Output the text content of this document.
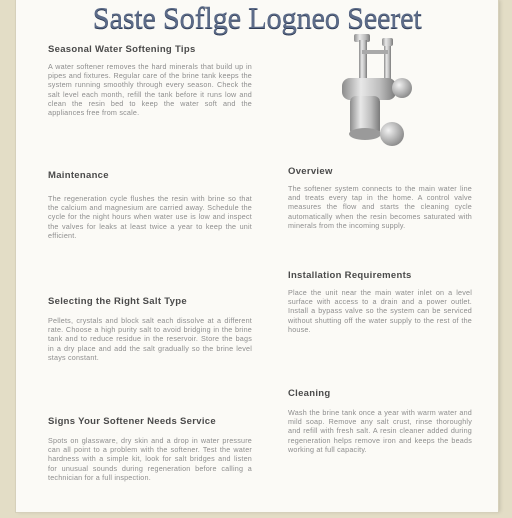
Saste Soflge Logneo Seeret
Seasonal Water Softening Tips
A water softener removes the hard minerals that build up in pipes and fixtures. Regular care of the brine tank keeps the system running smoothly through every season. Check the salt level each month, refill the tank before it runs low and clean the resin bed to keep the water soft and the appliances free from scale.
Maintenance
The regeneration cycle flushes the resin with brine so that the calcium and magnesium are carried away. Schedule the cycle for the night hours when water use is low and inspect the valves for leaks at least twice a year to keep the unit efficient.
Selecting the Right Salt Type
Pellets, crystals and block salt each dissolve at a different rate. Choose a high purity salt to avoid bridging in the brine tank and to reduce residue in the reservoir. Store the bags in a dry place and add the salt gradually so the brine level stays constant.
Signs Your Softener Needs Service
Spots on glassware, dry skin and a drop in water pressure can all point to a problem with the softener. Test the water hardness with a simple kit, look for salt bridges and listen for unusual sounds during regeneration before calling a technician for a full inspection.
Overview
The softener system connects to the main water line and treats every tap in the home. A control valve measures the flow and starts the cleaning cycle automatically when the resin becomes saturated with minerals from the incoming supply.
Installation Requirements
Place the unit near the main water inlet on a level surface with access to a drain and a power outlet. Install a bypass valve so the system can be serviced without shutting off the water supply to the rest of the house.
Cleaning
Wash the brine tank once a year with warm water and mild soap. Remove any salt crust, rinse thoroughly and refill with fresh salt. A resin cleaner added during regeneration helps remove iron and keeps the beads working at full capacity.
